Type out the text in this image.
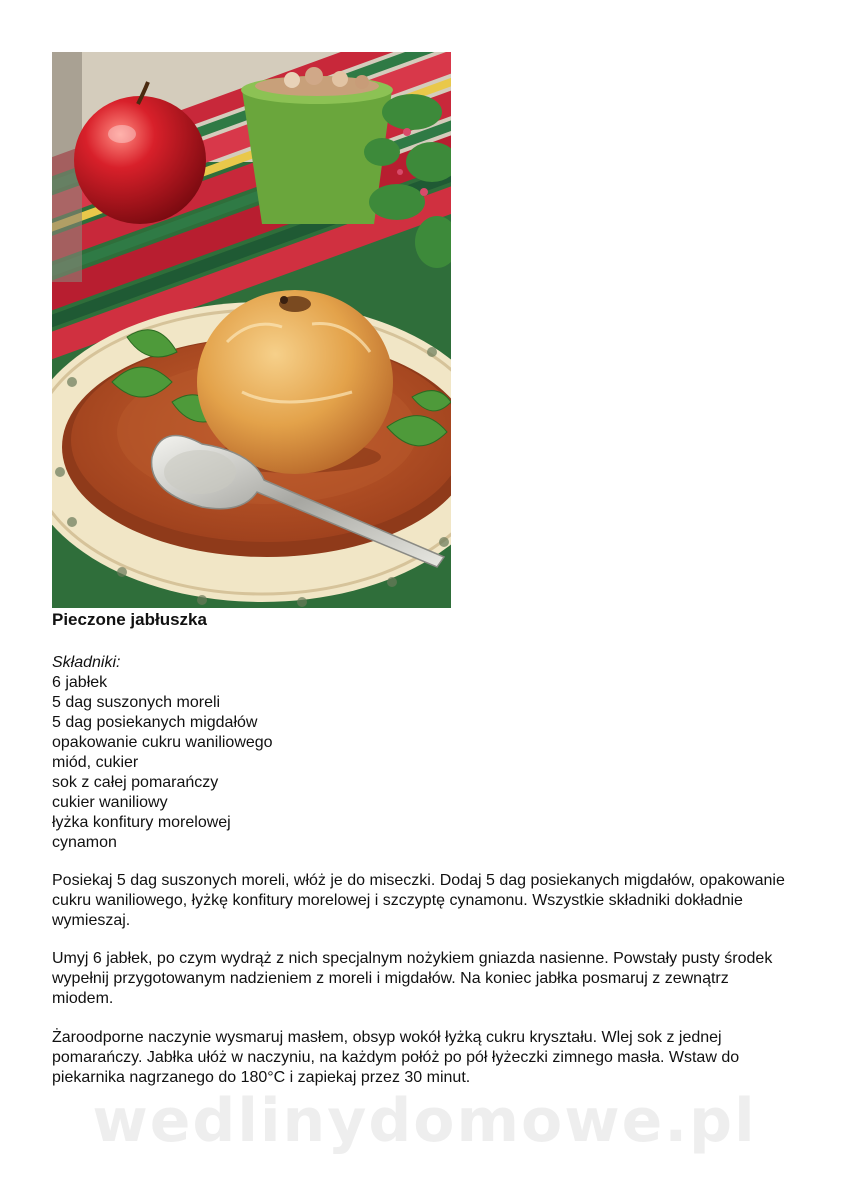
Pieczone jabłuszka
Składniki:
6 jabłek
5 dag suszonych moreli
5 dag posiekanych migdałów
opakowanie cukru waniliowego
miód, cukier
sok z całej pomarańczy
cukier waniliowy
łyżka konfitury morelowej
cynamon

Posiekaj 5 dag suszonych moreli, włóż je do miseczki. Dodaj 5 dag posiekanych migdałów, opakowanie cukru waniliowego, łyżkę konfitury morelowej i szczyptę cynamonu. Wszystkie składniki dokładnie wymieszaj.

Umyj 6 jabłek, po czym wydrąż z nich specjalnym nożykiem gniazda nasienne. Powstały pusty środek wypełnij przygotowanym nadzieniem z moreli i migdałów. Na koniec jabłka posmaruj z zewnątrz miodem.

Żaroodporne naczynie wysmaruj masłem, obsyp wokół łyżką cukru kryształu. Wlej sok z jednej pomarańczy. Jabłka ułóż w naczyniu, na każdym połóż po pół łyżeczki zimnego masła. Wstaw do piekarnika nagrzanego do 180°C i zapiekaj przez 30 minut.

wedlinydomowe.pl
